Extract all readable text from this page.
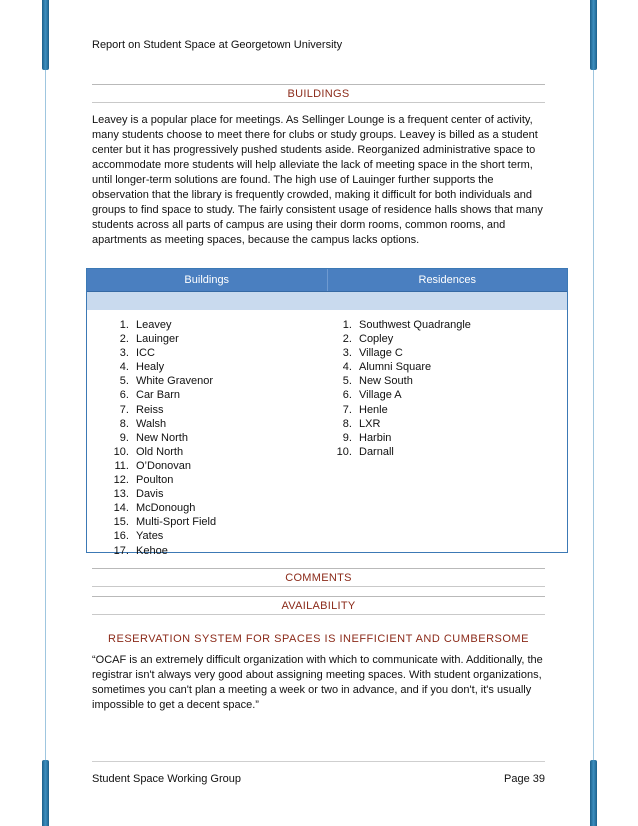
Report on Student Space at Georgetown University
BUILDINGS

Leavey is a popular place for meetings. As Sellinger Lounge is a frequent center of activity, many students choose to meet there for clubs or study groups. Leavey is billed as a student center but it has progressively pushed students aside. Reorganized administrative space to accommodate more students will help alleviate the lack of meeting space in the short term, until longer-term solutions are found. The high use of Lauinger further supports the observation that the library is frequently crowded, making it difficult for both individuals and groups to find space to study. The fairly consistent usage of residence halls shows that many students across all parts of campus are using their dorm rooms, common rooms, and apartments as meeting spaces, because the campus lacks options.

Buildings	Residences
1. Leavey
2. Lauinger
3. ICC
4. Healy
5. White Gravenor
6. Car Barn
7. Reiss
8. Walsh
9. New North
10. Old North
11. O’Donovan
12. Poulton
13. Davis
14. McDonough
15. Multi-Sport Field
16. Yates
17. Kehoe
1. Southwest Quadrangle
2. Copley
3. Village C
4. Alumni Square
5. New South
6. Village A
7. Henle
8. LXR
9. Harbin
10. Darnall
COMMENTS
AVAILABILITY
RESERVATION SYSTEM FOR SPACES IS INEFFICIENT AND CUMBERSOME

“OCAF is an extremely difficult organization with which to communicate with. Additionally, the registrar isn't always very good about assigning meeting spaces. With student organizations, sometimes you can't plan a meeting a week or two in advance, and if you don't, it's usually impossible to get a decent space.”

Student Space Working Group	Page 39
